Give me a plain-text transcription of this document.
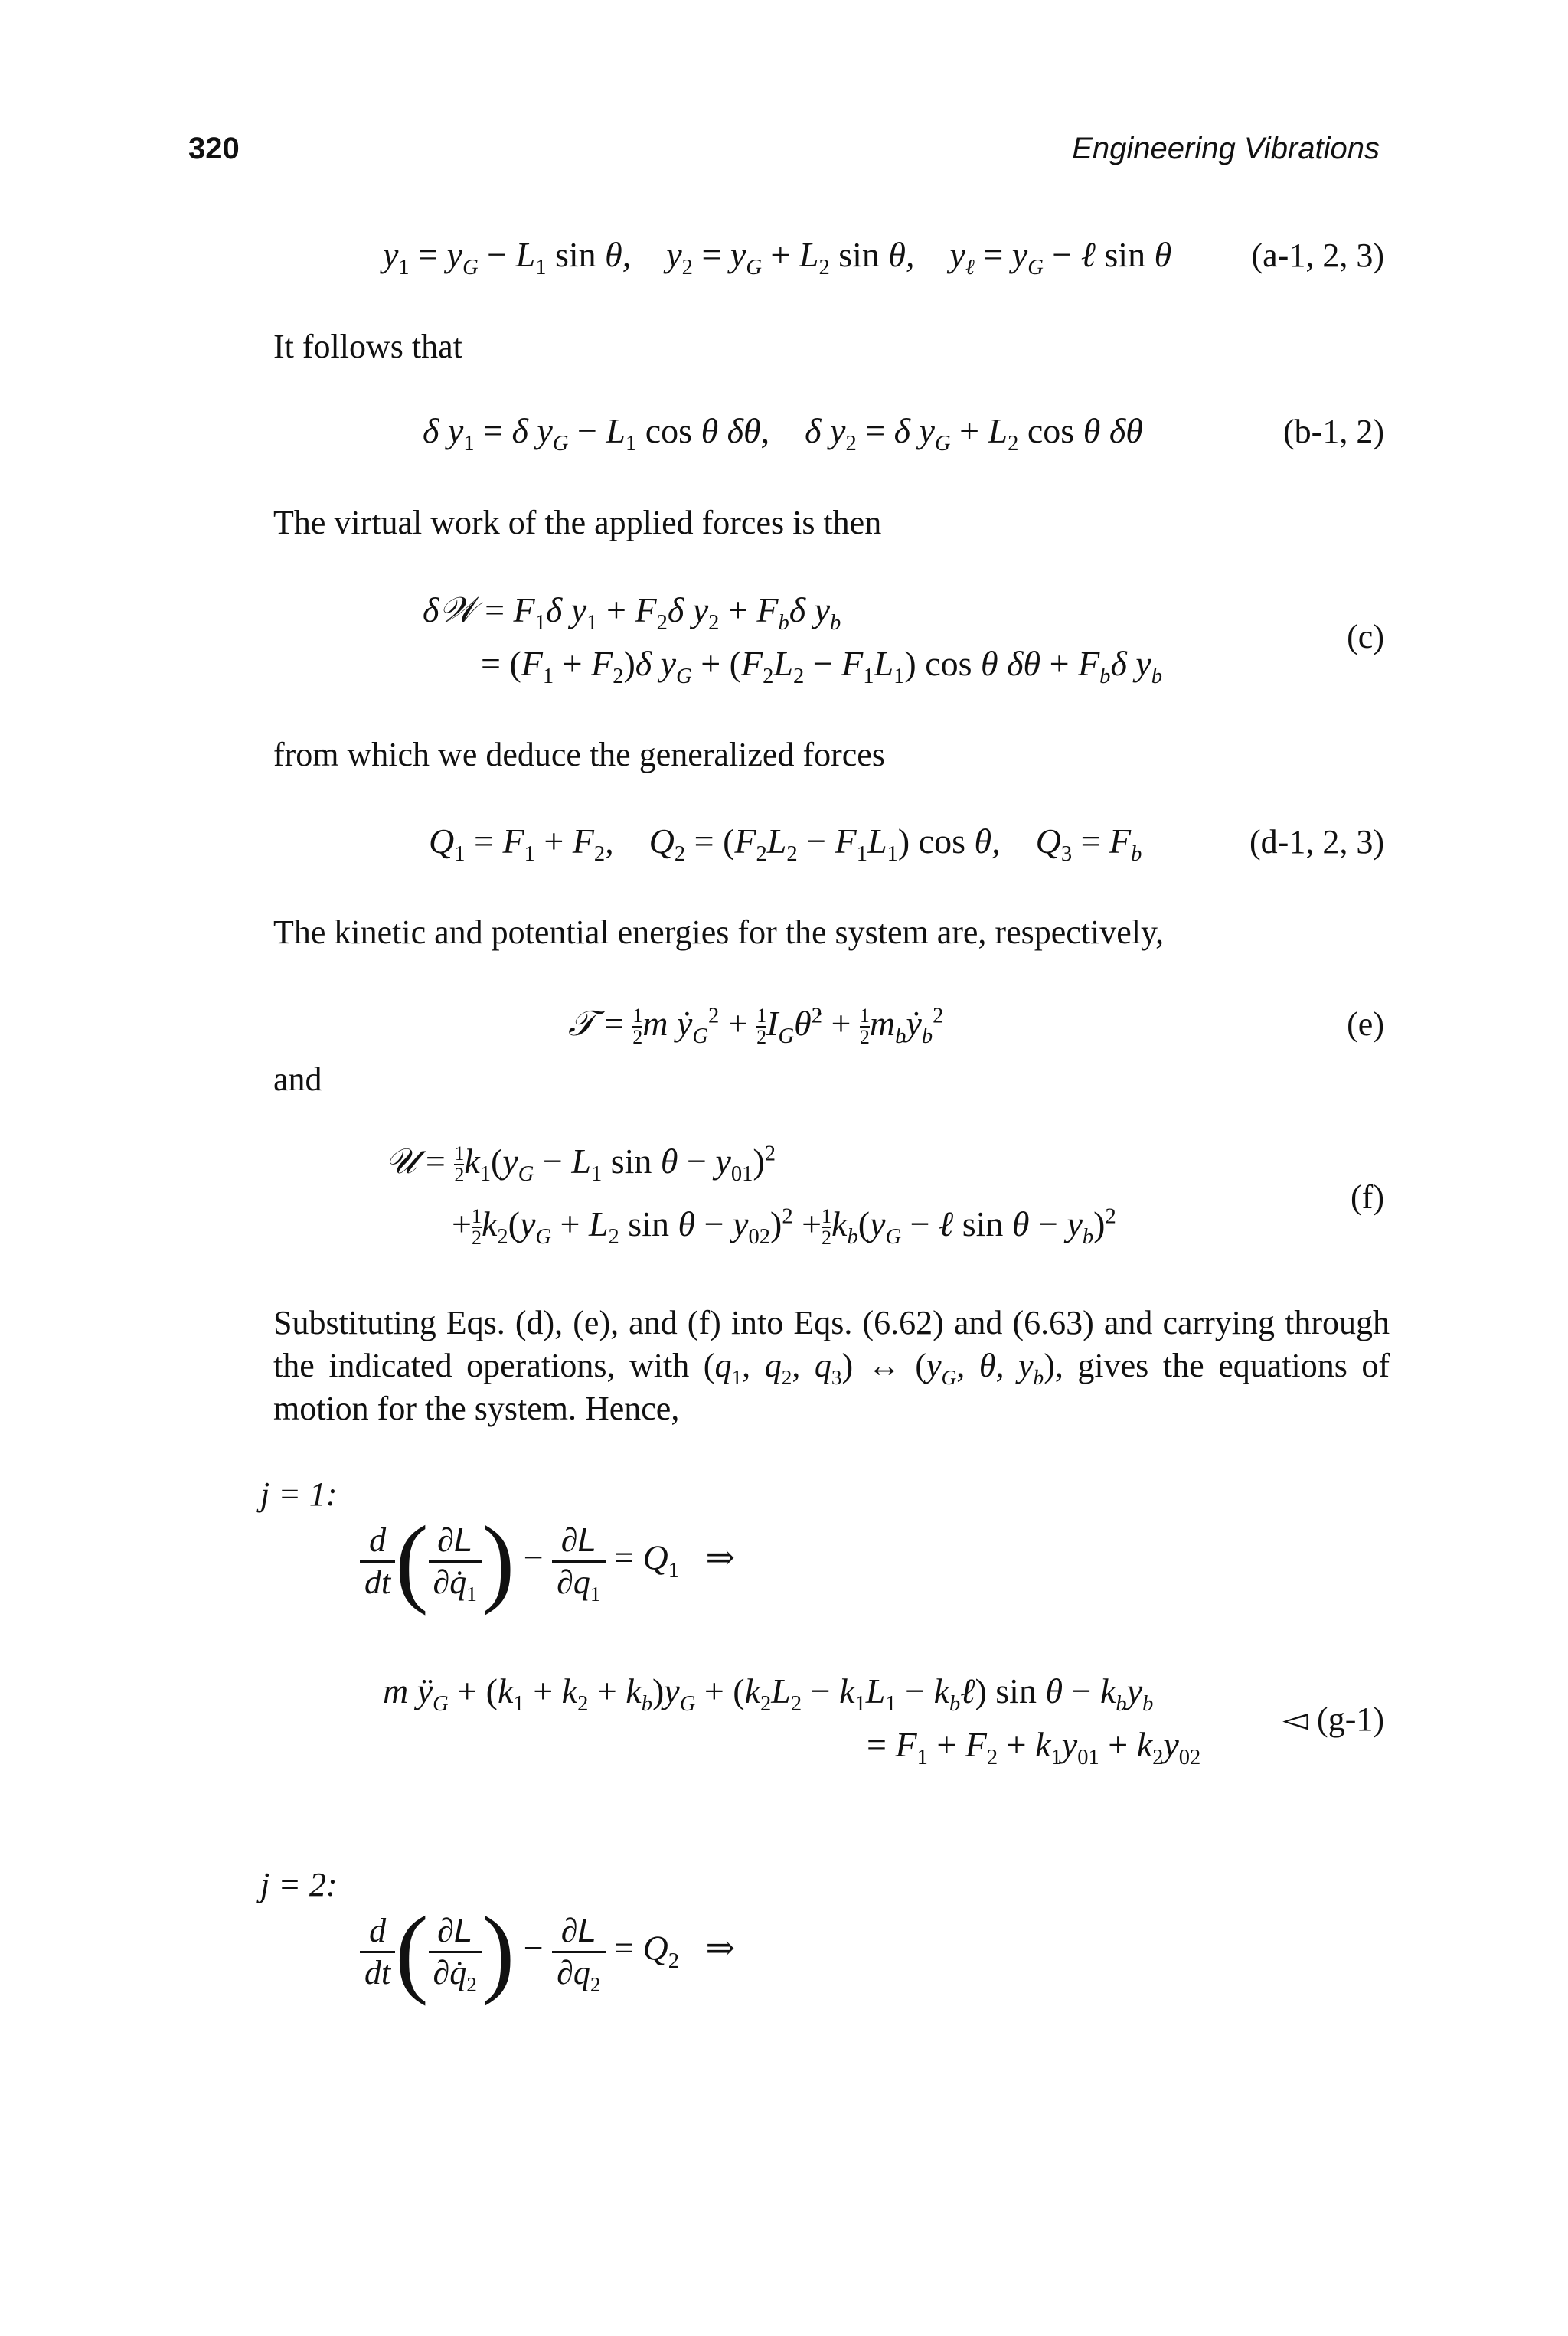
320	Engineering Vibrations
$y_1 = y_G - L_1$ sin θ,    $y_2 = y_G + L_2$ sin θ,    $y_\ell = y_G$ − ℓ sin θ (a-1, 2, 3)
It follows that
δ $y_1 = \delta$ $y_G - L_1$ cos θ δθ,    δ $y_2 = \delta$ $y_G + L_2$ cos θ δθ	(b-1, 2)
The virtual work of the applied forces is then
δ𝒲 = $F_1\delta$ $y_1 + F_2\delta$ $y_2 + F_b\delta$ $y_b$
= $(F_1 + F_2)\delta$ $y_G + (F_2L_2 - F_1L_1)$ cos θ $\delta\theta + F_b\delta$ $y_b$
(c)
from which we deduce the generalized forces
$Q_1 = F_1 + F_2$,    $Q_2 = (F_2L_2 - F_1L_1)$ cos θ,    $Q_3 = F_b$	(d-1, 2, 3)
The kinetic and potential energies for the system are, respectively,
𝒯 = $\frac{1}{2}$ m ẏ$_G^2$ + $\frac{1}{2}$ $I_G\thetȧ^2 + \frac{1}{2}$ $m_bẏ_b^2$	(e)
and
𝒰 = $\frac{1}{2} k_1(y_G - L_1$ $\sin \theta - y_{01})^2$
+ $\frac{1}{2} k_2(y_G + L_2$ $\sin \theta - y_{02})^2 + \frac{1}{2} k_b(y_G$ − ℓ $\sin \theta - y_b)^2$
(f)
Substituting Eqs. (d), (e), and (f) into Eqs. (6.62) and (6.63) and carrying through the indicated operations, with ($q_1$, $q_2$, $q_3$) ↔ ($y_G$, θ, $y_b$), gives the equations of motion for the system. Hence,
j = 1:
$\frac{d}{dt}$ ( $\frac{\partial L}{\partial q̇_1}$ ) − $\frac{\partial L}{\partial q_1} = Q_1$ ⇒
m $ÿ_G + (k_1 + k_2 + k_b)y_G + (k_2L_2 - k_1L_1$ − $k_b\ell$) $\sin \theta - k_by_b$
= $F_1 + F_2 + k_1y_{01} + k_2y_{02}$
◅ (g-1)
j = 2:
$\frac{d}{dt}$ ( $\frac{\partial L}{\partial q̇_2}$ ) − $\frac{\partial L}{\partial q_2} = Q_2$ ⇒
